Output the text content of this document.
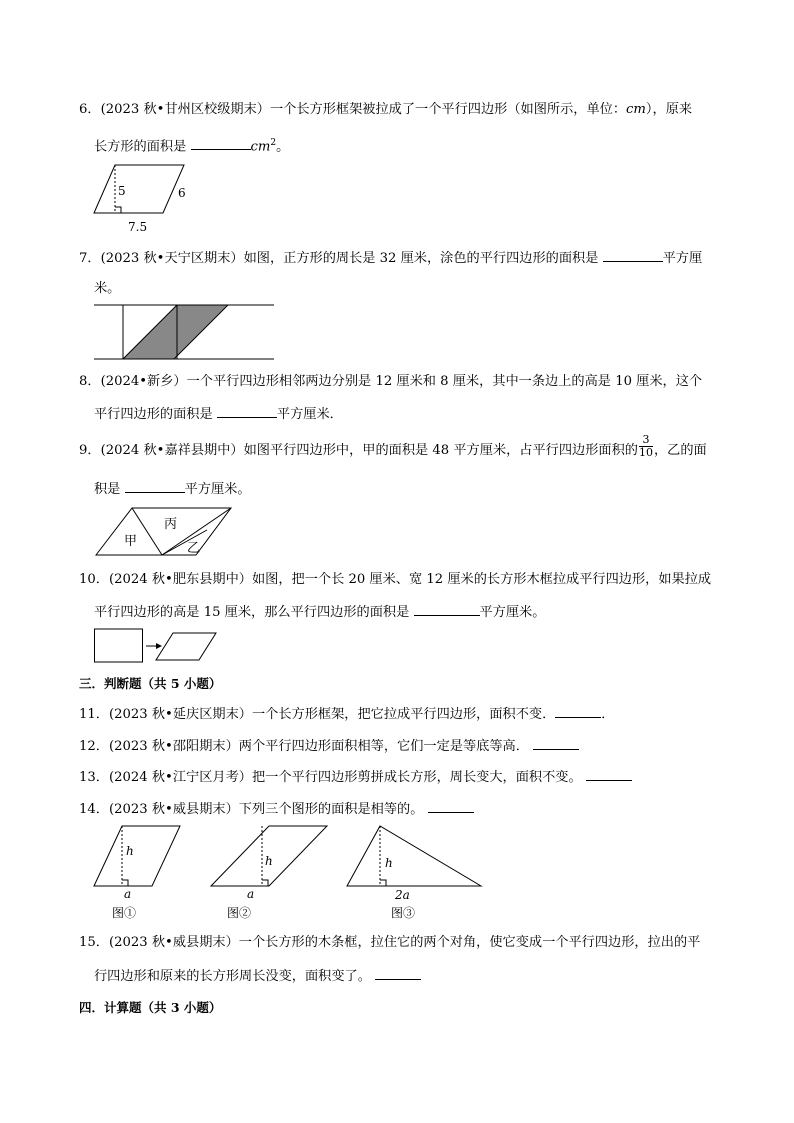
6．(2023 秋•甘州区校级期末）一个长方形框架被拉成了一个平行四边形（如图所示，单位：cm），原来
长方形的面积是	$cm^2$。
5	6
7.5
7．(2023 秋•天宁区期末）如图，正方形的周长是 32 厘米，涂色的平行四边形的面积是	平方厘
米。
8．(2024•新乡）一个平行四边形相邻两边分别是 12 厘米和 8 厘米，其中一条边上的高是 10 厘米，这个
平行四边形的面积是	平方厘米．
9．(2024 秋•嘉祥县期中）如图平行四边形中，甲的面积是 48 平方厘米，占平行四边形面积的 $\frac{3}{10}$ ，乙的面
积是	平方厘米。
甲
丙
乙
10．(2024 秋•肥东县期中）如图，把一个长 20 厘米、宽 12 厘米的长方形木框拉成平行四边形，如果拉成
平行四边形的高是 15 厘米，那么平行四边形的面积是	平方厘米。
三．判断题（共 5 小题）
11．(2023 秋•延庆区期末）一个长方形框架，把它拉成平行四边形，面积不变．	．
12．(2023 秋•邵阳期末）两个平行四边形面积相等，它们一定是等底等高．
13．(2024 秋•江宁区月考）把一个平行四边形剪拼成长方形，周长变大，面积不变。
14．(2023 秋•威县期末）下列三个图形的面积是相等的。
h
a
图①
h
a
图②
h
2a
图③
15．(2023 秋•威县期末）一个长方形的木条框，拉住它的两个对角，使它变成一个平行四边形，拉出的平
行四边形和原来的长方形周长没变，面积变了。
四．计算题（共 3 小题）
